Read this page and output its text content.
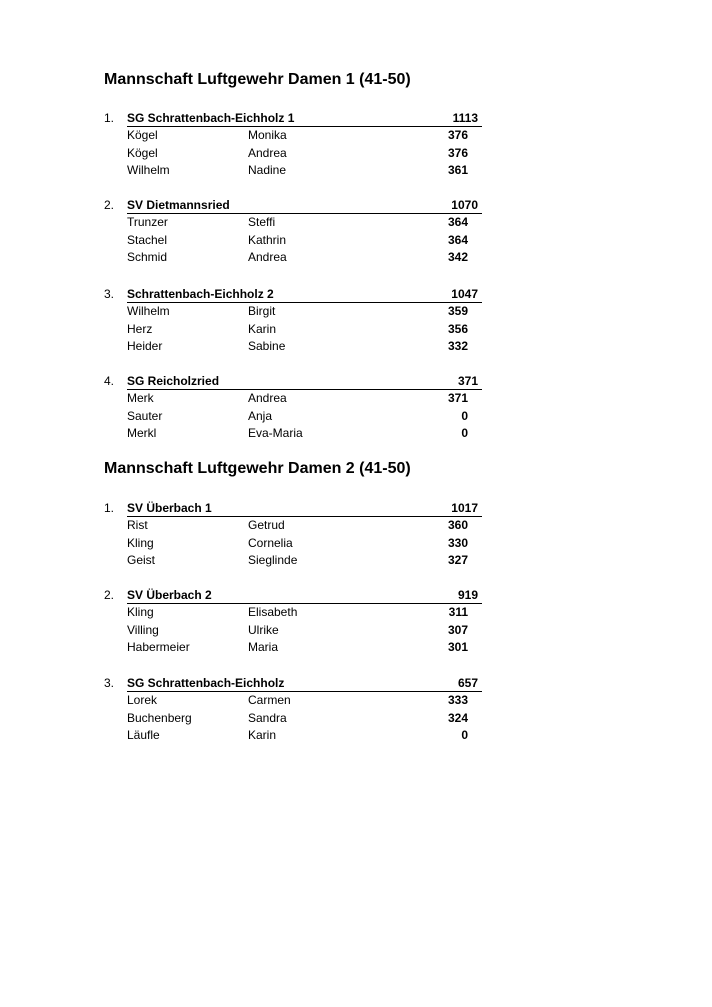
Mannschaft Luftgewehr Damen 1 (41-50)
1. SG Schrattenbach-Eichholz 1	1113
Kögel	Monika	376
Kögel	Andrea	376
Wilhelm	Nadine	361
2. SV Dietmannsried	1070
Trunzer	Steffi	364
Stachel	Kathrin	364
Schmid	Andrea	342
3. Schrattenbach-Eichholz 2	1047
Wilhelm	Birgit	359
Herz	Karin	356
Heider	Sabine	332
4. SG Reicholzried	371
Merk	Andrea	371
Sauter	Anja	0
Merkl	Eva-Maria	0
Mannschaft Luftgewehr Damen 2 (41-50)
1. SV Überbach 1	1017
Rist	Getrud	360
Kling	Cornelia	330
Geist	Sieglinde	327
2. SV Überbach 2	919
Kling	Elisabeth	311
Villing	Ulrike	307
Habermeier	Maria	301
3. SG Schrattenbach-Eichholz	657
Lorek	Carmen	333
Buchenberg	Sandra	324
Läufle	Karin	0
